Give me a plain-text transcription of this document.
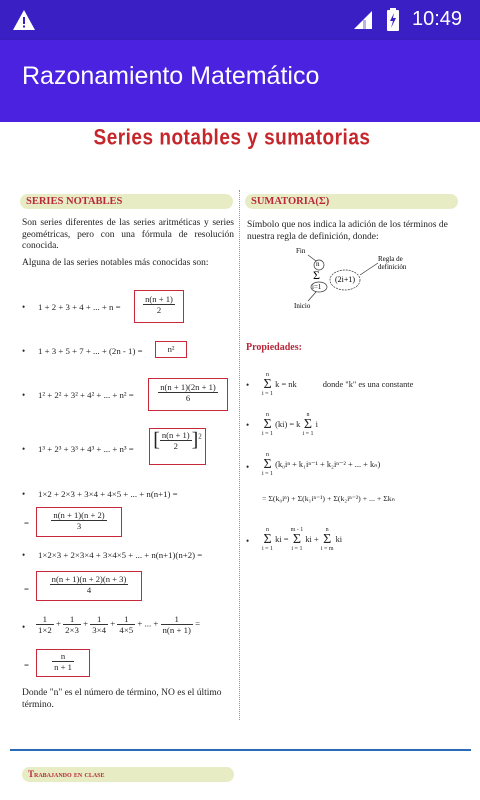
10:49
Razonamiento Matemático
Series notables y sumatorias
SERIES NOTABLES
Son series diferentes de las series aritméticas y series geométricas, pero con una fórmula de resolución conocida.
Alguna de las series notables más conocidas son:
• 1 + 2 + 3 + 4 + ... + n =	$\frac{n(n + 1)}{2}$
• 1 + 3 + 5 + 7 + ... + (2n - 1) =	n²
• 1² + 2² + 3² + 4² + ... + n² =	$\frac{n(n + 1)(2n + 1)}{6}$
• 1³ + 2³ + 3³ + 4³ + ... + n³ = [ $\frac{n(n + 1)}{2} ]^2$
• 1×2 + 2×3 + 3×4 + 4×5 + ... + n(n+1) =
=	$\frac{n(n + 1)(n + 2)}{3}$
• 1×2×3 + 2×3×4 + 3×4×5 + ... + n(n+1)(n+2) =
= $\frac{n(n + 1)(n + 2)(n + 3)}{4}$
• $\frac{1}{1\times 2} + \frac{1}{2\times 3} + \frac{1}{3\times 4} + \frac{1}{4\times 5}$ + ... + $\frac{1}{n(n + 1)}$ =
=	$\frac{n}{n + 1}$
Donde "n" es el número de término, NO es el último término.
SUMATORIA(Σ)
Símbolo que nos indica la adición de los términos de nuestra regla de definición, donde:
Fin
n
Σ (2i+1)
i=1
Regla de definición
Inicio
Propiedades:
•
n
Σ
i = 1
k = nk	donde "k" es una constante
•
n
Σ
i = 1
(ki) = k
n
Σ
i = 1
i
•
n
Σ
i = 1
(k₀iⁿ + k₁iⁿ⁻¹ + k₂iⁿ⁻² + ... + kₙ)
= Σ(k₀iⁿ) + Σ(k₁iⁿ⁻¹) + Σ(k₂iⁿ⁻²) + ... + Σkₙ
•
n
Σ
i = 1
ki =
m - 1
Σ
i = 1
ki +
n
Σ
i = m
ki
Trabajando en clase
